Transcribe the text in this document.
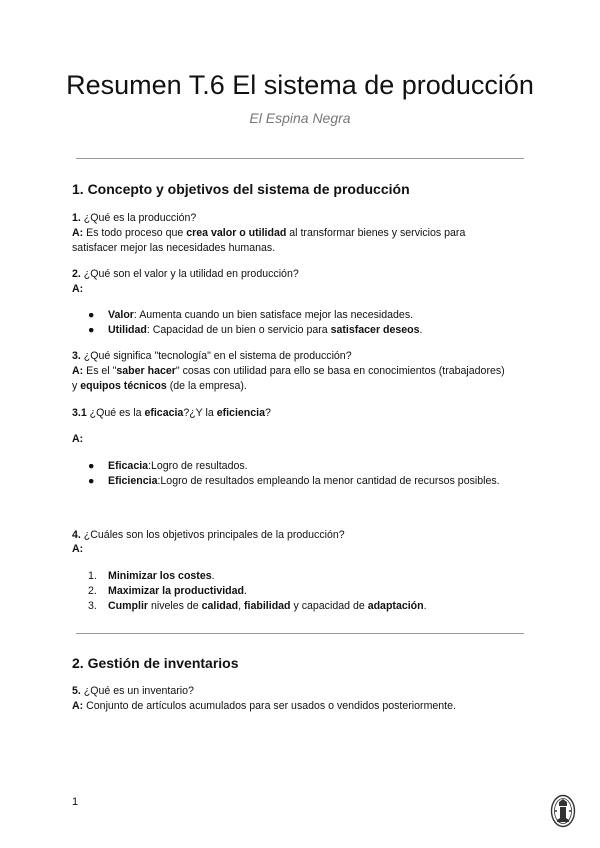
Resumen T.6 El sistema de producción
El Espina Negra
1. Concepto y objetivos del sistema de producción
1. ¿Qué es la producción?
A: Es todo proceso que crea valor o utilidad al transformar bienes y servicios para
satisfacer mejor las necesidades humanas.
2. ¿Qué son el valor y la utilidad en producción?
A:
● Valor: Aumenta cuando un bien satisface mejor las necesidades.
● Utilidad: Capacidad de un bien o servicio para satisfacer deseos.
3. ¿Qué significa "tecnología" en el sistema de producción?
A: Es el "saber hacer" cosas con utilidad para ello se basa en conocimientos (trabajadores)
y equipos técnicos (de la empresa).
3.1 ¿Qué es la eficacia?¿Y la eficiencia?
A:
● Eficacia:Logro de resultados.
● Eficiencia:Logro de resultados empleando la menor cantidad de recursos posibles.
4. ¿Cuáles son los objetivos principales de la producción?
A:
1. Minimizar los costes.
2. Maximizar la productividad.
3. Cumplir niveles de calidad, fiabilidad y capacidad de adaptación.
2. Gestión de inventarios
5. ¿Qué es un inventario?
A: Conjunto de artículos acumulados para ser usados o vendidos posteriormente.
1
